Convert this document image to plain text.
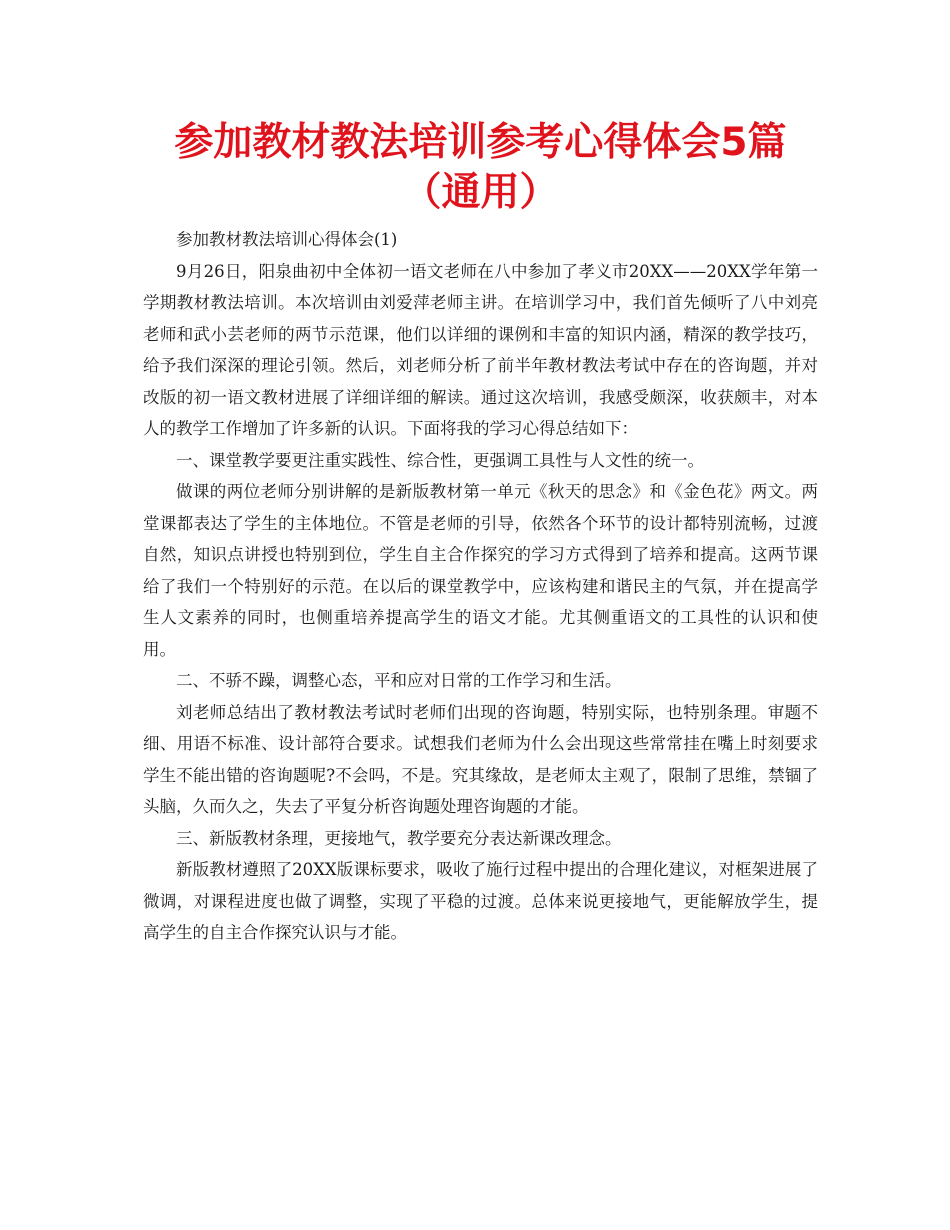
参加教材教法培训参考心得体会5篇（通用）

参加教材教法培训心得体会(1)

9月26日，阳泉曲初中全体初一语文老师在八中参加了孝义市20XX——20XX学年第一学期教材教法培训。本次培训由刘爱萍老师主讲。在培训学习中，我们首先倾听了八中刘亮老师和武小芸老师的两节示范课，他们以详细的课例和丰富的知识内涵，精深的教学技巧，给予我们深深的理论引领。然后，刘老师分析了前半年教材教法考试中存在的咨询题，并对改版的初一语文教材进展了详细详细的解读。通过这次培训，我感受颇深，收获颇丰，对本人的教学工作增加了许多新的认识。下面将我的学习心得总结如下：

一、课堂教学要更注重实践性、综合性，更强调工具性与人文性的统一。

做课的两位老师分别讲解的是新版教材第一单元《秋天的思念》和《金色花》两文。两堂课都表达了学生的主体地位。不管是老师的引导，依然各个环节的设计都特别流畅，过渡自然，知识点讲授也特别到位，学生自主合作探究的学习方式得到了培养和提高。这两节课给了我们一个特别好的示范。在以后的课堂教学中，应该构建和谐民主的气氛，并在提高学生人文素养的同时，也侧重培养提高学生的语文才能。尤其侧重语文的工具性的认识和使用。

二、不骄不躁，调整心态，平和应对日常的工作学习和生活。

刘老师总结出了教材教法考试时老师们出现的咨询题，特别实际，也特别条理。审题不细、用语不标准、设计部符合要求。试想我们老师为什么会出现这些常常挂在嘴上时刻要求学生不能出错的咨询题呢?不会吗，不是。究其缘故，是老师太主观了，限制了思维，禁锢了头脑，久而久之，失去了平复分析咨询题处理咨询题的才能。

三、新版教材条理，更接地气，教学要充分表达新课改理念。

新版教材遵照了20XX版课标要求，吸收了施行过程中提出的合理化建议，对框架进展了微调，对课程进度也做了调整，实现了平稳的过渡。总体来说更接地气，更能解放学生，提高学生的自主合作探究认识与才能。
